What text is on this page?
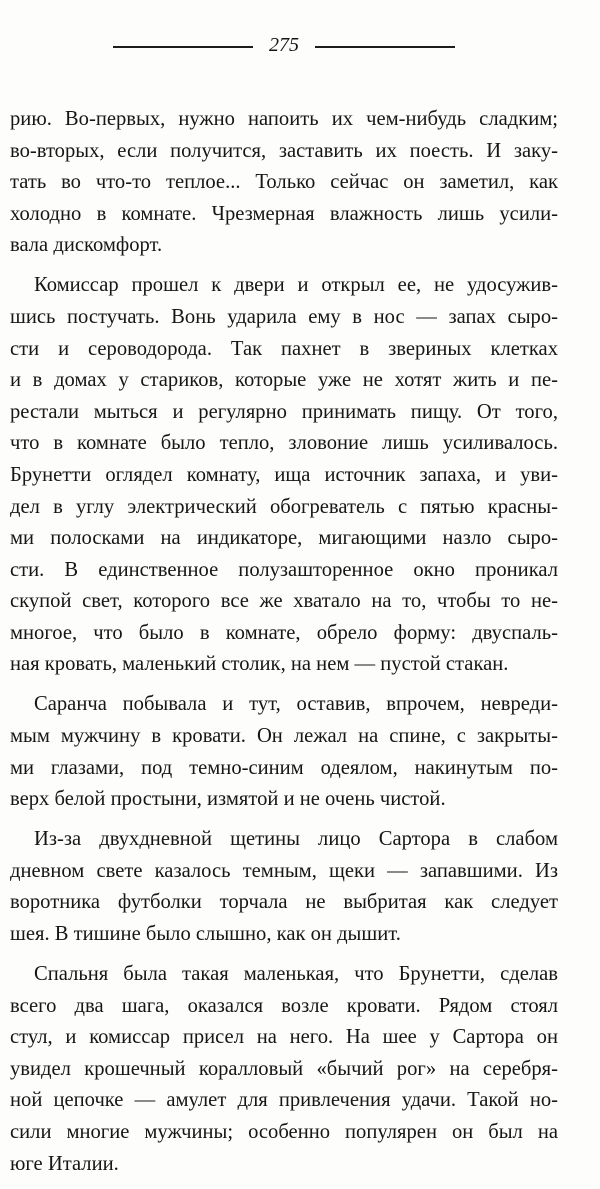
275

рию. Во-первых, нужно напоить их чем-нибудь сладким;
во-вторых, если получится, заставить их поесть. И заку-
тать во что-то теплое... Только сейчас он заметил, как
холодно в комнате. Чрезмерная влажность лишь усили-
вала дискомфорт.

Комиссар прошел к двери и открыл ее, не удосужив-
шись постучать. Вонь ударила ему в нос — запах сыро-
сти и сероводорода. Так пахнет в звериных клетках
и в домах у стариков, которые уже не хотят жить и пе-
рестали мыться и регулярно принимать пищу. От того,
что в комнате было тепло, зловоние лишь усиливалось.
Брунетти оглядел комнату, ища источник запаха, и уви-
дел в углу электрический обогреватель с пятью красны-
ми полосками на индикаторе, мигающими назло сыро-
сти. В единственное полузашторенное окно проникал
скупой свет, которого все же хватало на то, чтобы то не-
многое, что было в комнате, обрело форму: двуспаль-
ная кровать, маленький столик, на нем — пустой стакан.

Саранча побывала и тут, оставив, впрочем, невреди-
мым мужчину в кровати. Он лежал на спине, с закрыты-
ми глазами, под темно-синим одеялом, накинутым по-
верх белой простыни, измятой и не очень чистой.

Из-за двухдневной щетины лицо Сартора в слабом
дневном свете казалось темным, щеки — запавшими. Из
воротника футболки торчала не выбритая как следует
шея. В тишине было слышно, как он дышит.

Спальня была такая маленькая, что Брунетти, сделав
всего два шага, оказался возле кровати. Рядом стоял
стул, и комиссар присел на него. На шее у Сартора он
увидел крошечный коралловый «бычий рог» на серебря-
ной цепочке — амулет для привлечения удачи. Такой но-
сили многие мужчины; особенно популярен он был на
юге Италии.
